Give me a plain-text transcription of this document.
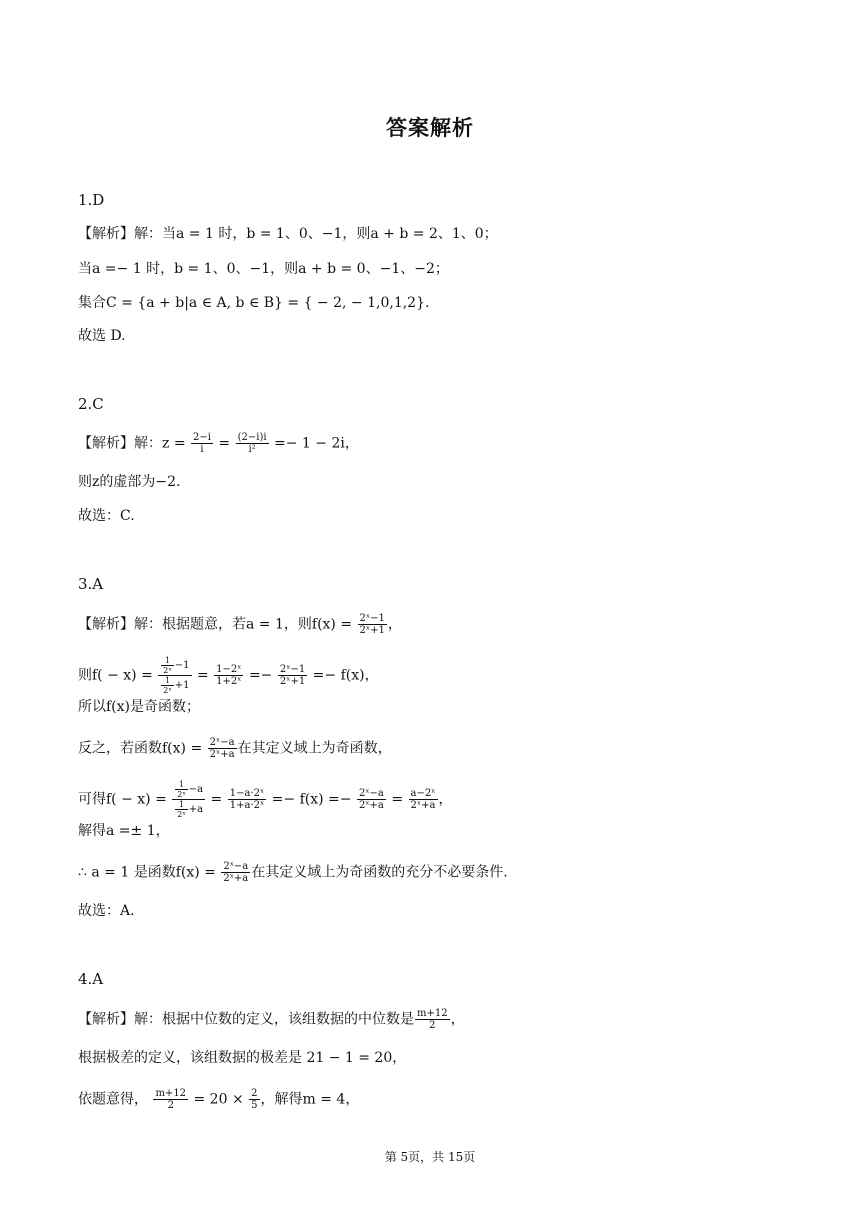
答案解析
1.D
【解析】解：当a = 1 时，b = 1、0、−1，则a + b = 2、1、0；
当a =− 1 时，b = 1、0、−1，则a + b = 0、−1、−2；
集合C = {a + b|a ∈ A, b ∈ B} = { − 2, − 1,0,1,2}.
故选 D.
2.C
【解析】解：$z = \frac{2-i}{i} = \frac{(2-i)i}{\text{i²}} =- 1 - 2i$，
则z的虚部为−2.
故选：C.
3.A
【解析】解：根据题意，若a = 1，则$f(x) = \frac{\text{2ˣ−1}}{\text{2ˣ+1}}$ ，
则$f( - x) = \frac{\frac{1}{\text{2ˣ}} -1}{\frac{1}{\text{2ˣ}} +1} = \frac{\text{1−2ˣ}}{\text{1+2ˣ}} =- \frac{\text{2ˣ−1}}{\text{2ˣ+1}} =- f(x)$，
所以f(x)是奇函数；
反之，若函数$f(x) = \frac{\text{2ˣ−a}}{\text{2ˣ+a}}$ 在其定义域上为奇函数，
可得$f( - x) = \frac{\frac{1}{\text{2ˣ}} -a}{\frac{1}{\text{2ˣ}} +a} = \frac{\text{1−a·2ˣ}}{\text{1+a·2ˣ}} =- f(x) =- \frac{\text{2ˣ−a}}{\text{2ˣ+a}} = \frac{\text{a−2ˣ}}{\text{2ˣ+a}}$ ，
解得a =± 1，
∴ a = 1 是函数$f(x) = \frac{\text{2ˣ−a}}{\text{2ˣ+a}}$ 在其定义域上为奇函数的充分不必要条件.
故选：A.
4.A
【解析】解：根据中位数的定义，该组数据的中位数是 $\frac{m+12}{2}$ ，
根据极差的定义，该组数据的极差是 21 − 1 = 20，
依题意得， $\frac{m+12}{2} = 20 \times \frac{2}{5}$ ，解得m = 4，
第 5页，共 15页
